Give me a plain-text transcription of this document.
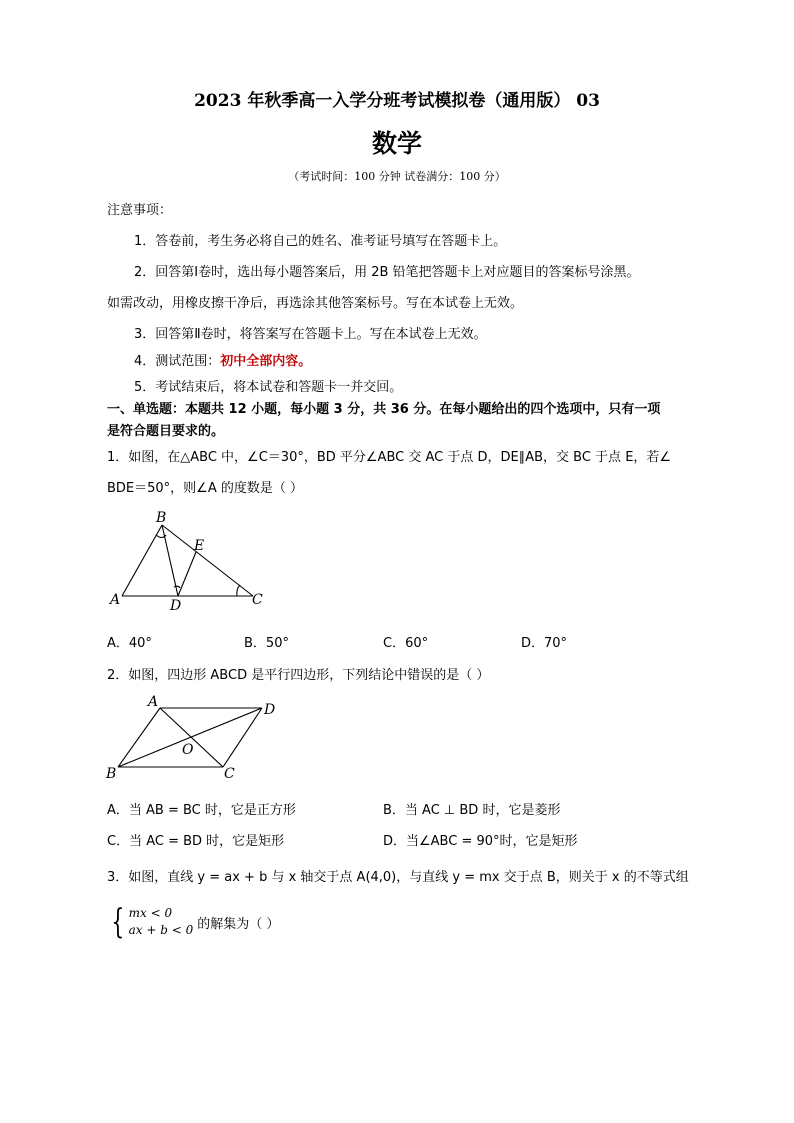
2023 年秋季高一入学分班考试模拟卷（通用版） 03
数学
（考试时间：100 分钟 试卷满分：100 分）
注意事项：
1．答卷前，考生务必将自己的姓名、准考证号填写在答题卡上。
2．回答第Ⅰ卷时，选出每小题答案后，用 2B 铅笔把答题卡上对应题目的答案标号涂黑。
如需改动，用橡皮擦干净后，再选涂其他答案标号。写在本试卷上无效。
3．回答第Ⅱ卷时，将答案写在答题卡上。写在本试卷上无效。
4．测试范围：初中全部内容。
5．考试结束后，将本试卷和答题卡一并交回。
一、单选题：本题共 12 小题，每小题 3 分，共 36 分。在每小题给出的四个选项中，只有一项
是符合题目要求的。
1．如图，在△ABC 中，∠C＝30°，BD 平分∠ABC 交 AC 于点 D，DE∥AB，交 BC 于点 E，若∠
BDE＝50°，则∠A 的度数是（ ）
B
E
A	D	C
A．40°	B．50°	C．60°	D．70°
2．如图，四边形 ABCD 是平行四边形，下列结论中错误的是（ ）
A	D
O
B	C
A．当 AB = BC 时，它是正方形	B．当 AC ⊥ BD 时，它是菱形
C．当 AC = BD 时，它是矩形	D．当∠ABC = 90°时，它是矩形
3．如图，直线 y = ax + b 与 x 轴交于点 A(4,0)，与直线 y = mx 交于点 B，则关于 x 的不等式组
{ mx < 0
ax + b < 0 的解集为（ ）
